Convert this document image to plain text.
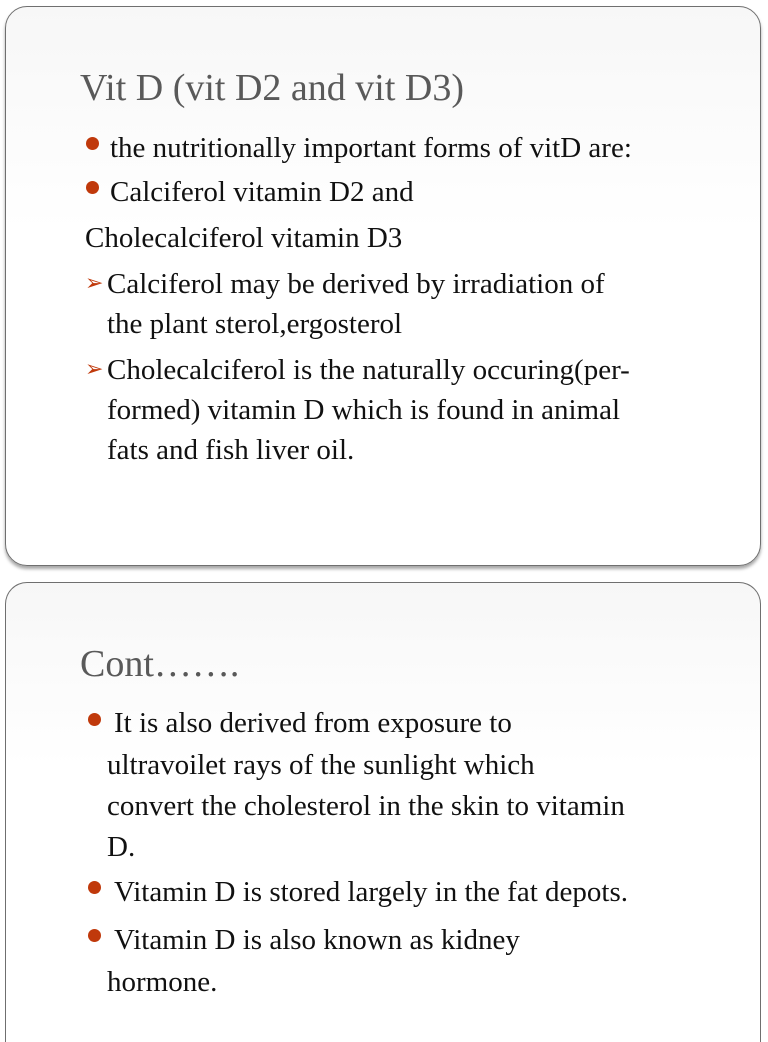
Vit D (vit D2 and vit D3)
the nutritionally important forms of vitD are:
Calciferol vitamin D2 and
Cholecalciferol vitamin D3
➢ Calciferol may be derived by irradiation of
the plant sterol,ergosterol
➢ Cholecalciferol is the naturally occuring(per-
formed) vitamin D which is found in animal
fats and fish liver oil.
Cont…….
It is also derived from exposure to
ultravoilet rays of the sunlight which
convert the cholesterol in the skin to vitamin
D.
Vitamin D is stored largely in the fat depots.
Vitamin D is also known as kidney
hormone.
